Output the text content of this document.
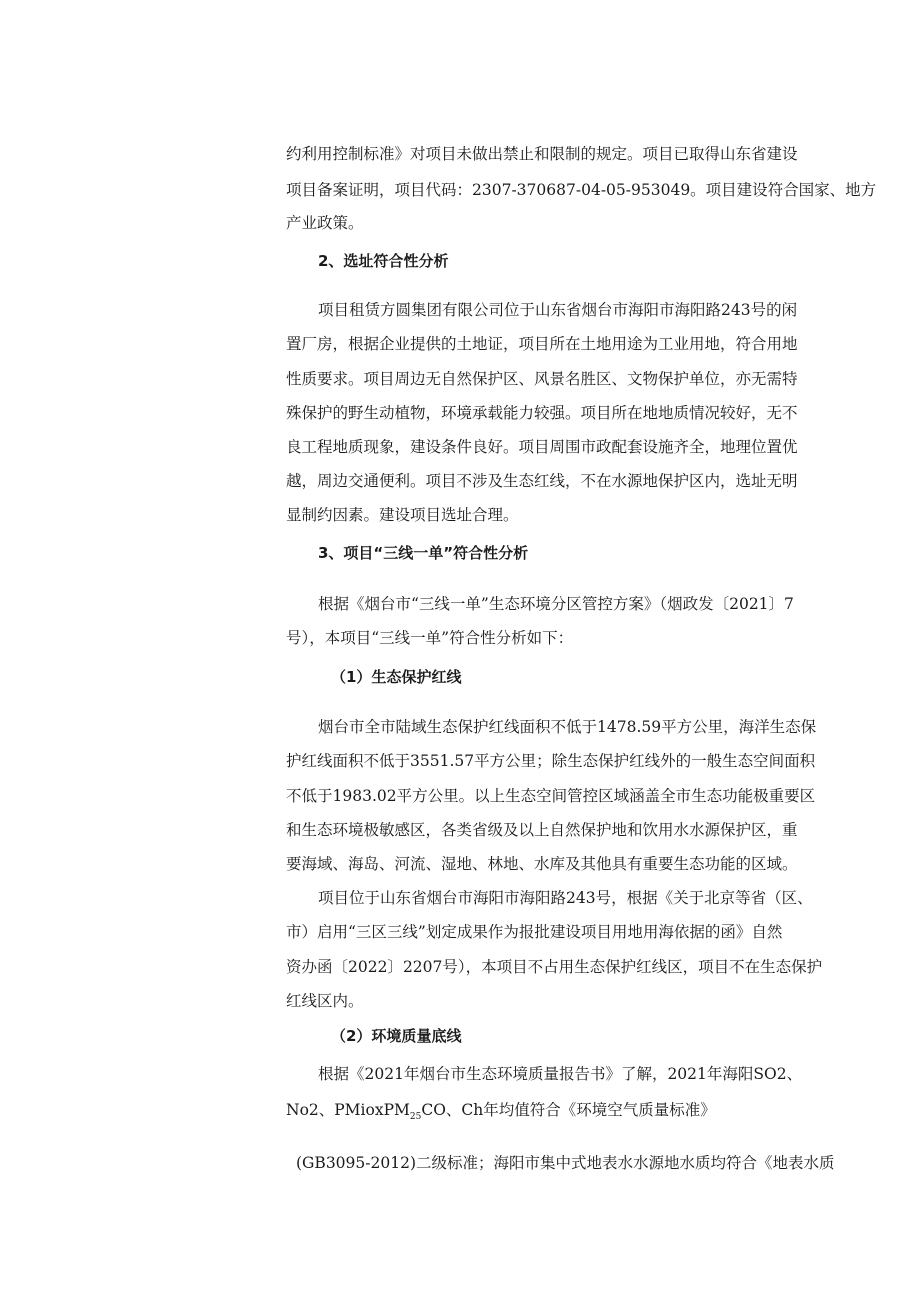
约利用控制标准》对项目未做出禁止和限制的规定。项目已取得山东省建设
项目备案证明，项目代码：2307-370687-04-05-953049。项目建设符合国家、地方
产业政策。
2、选址符合性分析
项目租赁方圆集团有限公司位于山东省烟台市海阳市海阳路243号的闲
置厂房，根据企业提供的土地证，项目所在土地用途为工业用地，符合用地
性质要求。项目周边无自然保护区、风景名胜区、文物保护单位，亦无需特
殊保护的野生动植物，环境承载能力较强。项目所在地地质情况较好，无不
良工程地质现象，建设条件良好。项目周围市政配套设施齐全，地理位置优
越，周边交通便利。项目不涉及生态红线，不在水源地保护区内，选址无明
显制约因素。建设项目选址合理。
3、项目“三线一单”符合性分析
根据《烟台市“三线一单”生态环境分区管控方案》（烟政发〔2021〕7
号），本项目“三线一单”符合性分析如下：
（1）生态保护红线
烟台市全市陆域生态保护红线面积不低于1478.59平方公里，海洋生态保
护红线面积不低于3551.57平方公里；除生态保护红线外的一般生态空间面积
不低于1983.02平方公里。以上生态空间管控区域涵盖全市生态功能极重要区
和生态环境极敏感区，各类省级及以上自然保护地和饮用水水源保护区，重
要海域、海岛、河流、湿地、林地、水库及其他具有重要生态功能的区域。
项目位于山东省烟台市海阳市海阳路243号，根据《关于北京等省（区、
市）启用“三区三线”划定成果作为报批建设项目用地用海依据的函》自然
资办函〔2022〕2207号），本项目不占用生态保护红线区，项目不在生态保护
红线区内。
（2）环境质量底线
根据《2021年烟台市生态环境质量报告书》了解，2021年海阳SO2、
No2、PMioxPM$_{25}$CO、Ch年均值符合《环境空气质量标准》
(GB3095-2012)二级标准；海阳市集中式地表水水源地水质均符合《地表水质
